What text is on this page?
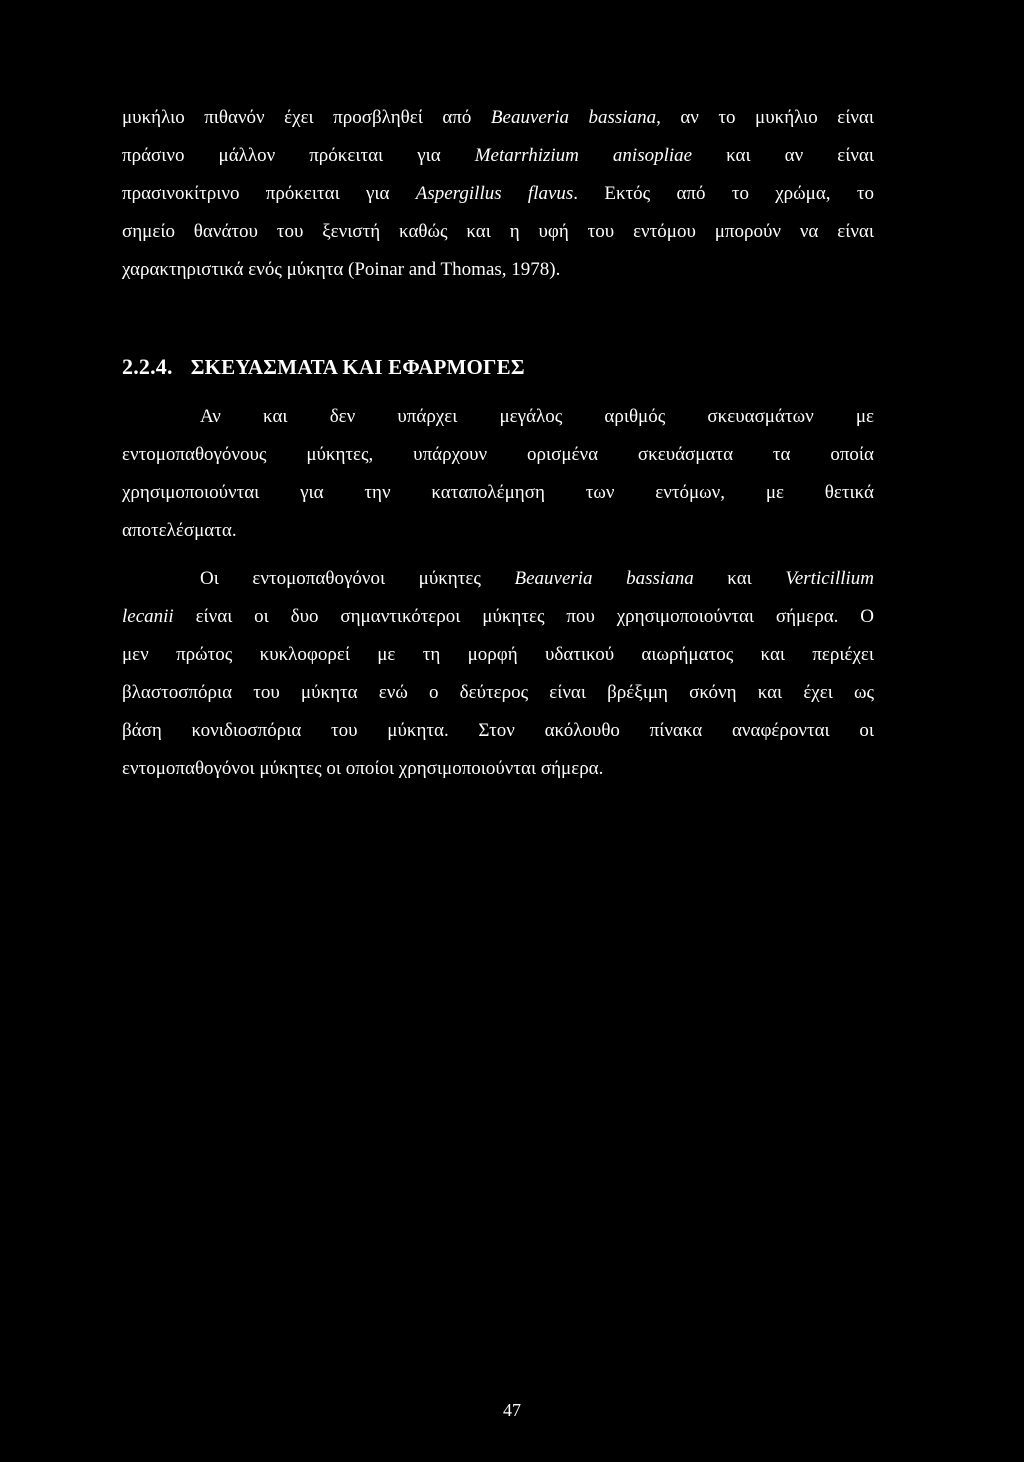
μυκήλιο πιθανόν έχει προσβληθεί από Beauveria bassiana, αν το μυκήλιο είναι
πράσινο μάλλον πρόκειται για Metarrhizium anisopliae και αν είναι
πρασινοκίτρινο πρόκειται για Aspergillus flavus. Εκτός από το χρώμα, το
σημείο θανάτου του ξενιστή καθώς και η υφή του εντόμου μπορούν να είναι
χαρακτηριστικά ενός μύκητα (Poinar and Thomas, 1978).
2.2.4. ΣΚΕΥΑΣΜΑΤΑ ΚΑΙ ΕΦΑΡΜΟΓΕΣ
Αν και δεν υπάρχει μεγάλος αριθμός σκευασμάτων με
εντομοπαθογόνους μύκητες, υπάρχουν ορισμένα σκευάσματα τα οποία
χρησιμοποιούνται για την καταπολέμηση των εντόμων, με θετικά
αποτελέσματα.
Οι εντομοπαθογόνοι μύκητες Beauveria bassiana και Verticillium
lecanii είναι οι δυο σημαντικότεροι μύκητες που χρησιμοποιούνται σήμερα. Ο
μεν πρώτος κυκλοφορεί με τη μορφή υδατικού αιωρήματος και περιέχει
βλαστοσπόρια του μύκητα ενώ ο δεύτερος είναι βρέξιμη σκόνη και έχει ως
βάση κονιδιοσπόρια του μύκητα. Στον ακόλουθο πίνακα αναφέρονται οι
εντομοπαθογόνοι μύκητες οι οποίοι χρησιμοποιούνται σήμερα.
47
